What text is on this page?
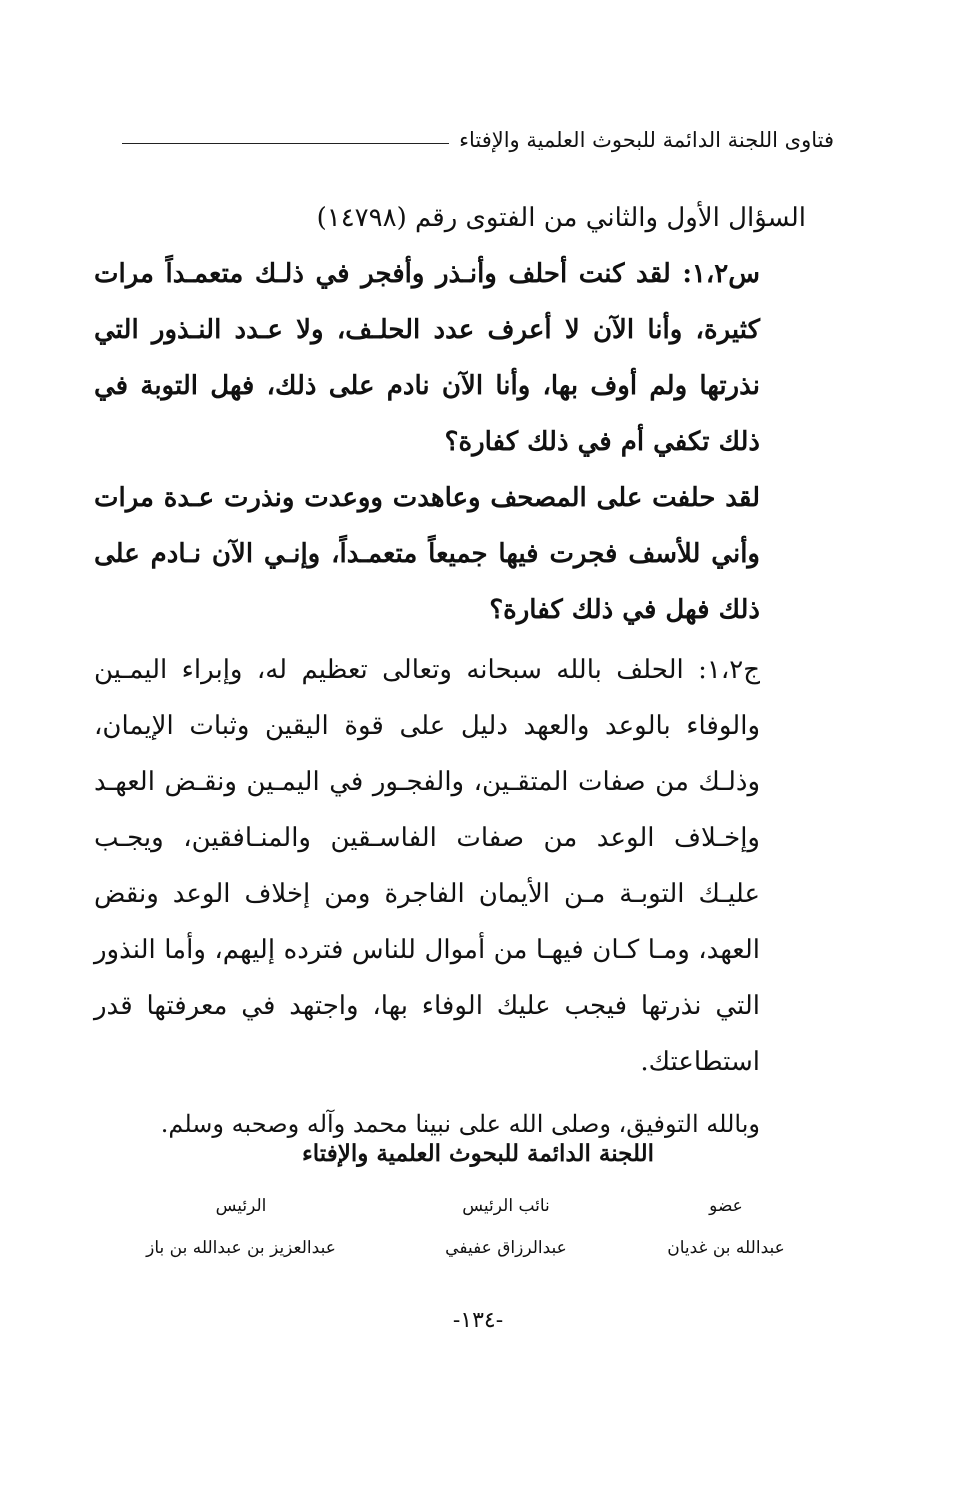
فتاوى اللجنة الدائمة للبحوث العلمية والإفتاء

السؤال الأول والثاني من الفتوى رقم (١٤٧٩٨)

س١،٢: لقد كنت أحلف وأنـذر وأفجر في ذلـك متعمـداً مرات كثيرة، وأنا الآن لا أعرف عدد الحلـف، ولا عـدد النـذور التي نذرتها ولم أوف بها، وأنا الآن نادم على ذلك، فهل التوبة في ذلك تكفي أم في ذلك كفارة؟

لقد حلفت على المصحف وعاهدت ووعدت ونذرت عـدة مرات وأني للأسف فجرت فيها جميعاً متعمـداً، وإنـي الآن نـادم على ذلك فهل في ذلك كفارة؟

ج١،٢: الحلف بالله سبحانه وتعالى تعظيم له، وإبراء اليمـين والوفاء بالوعد والعهد دليل على قوة اليقين وثبات الإيمان، وذلـك من صفات المتقـين، والفجـور في اليمـين ونقـض العهـد وإخـلاف الوعد من صفات الفاسـقين والمنـافقين، ويجـب عليـك التوبـة مـن الأيمان الفاجرة ومن إخلاف الوعد ونقض العهد، ومـا كـان فيهـا من أموال للناس فترده إليهم، وأما النذور التي نذرتها فيجب عليك الوفاء بها، واجتهد في معرفتها قدر استطاعتك.

وبالله التوفيق، وصلى الله على نبينا محمد وآله وصحبه وسلم.

اللجنة الدائمة للبحوث العلمية والإفتاء

عضو
نائب الرئيس
الرئيس
عبدالله بن غديان
عبدالرزاق عفيفي
عبدالعزيز بن عبدالله بن باز
-١٣٤-
